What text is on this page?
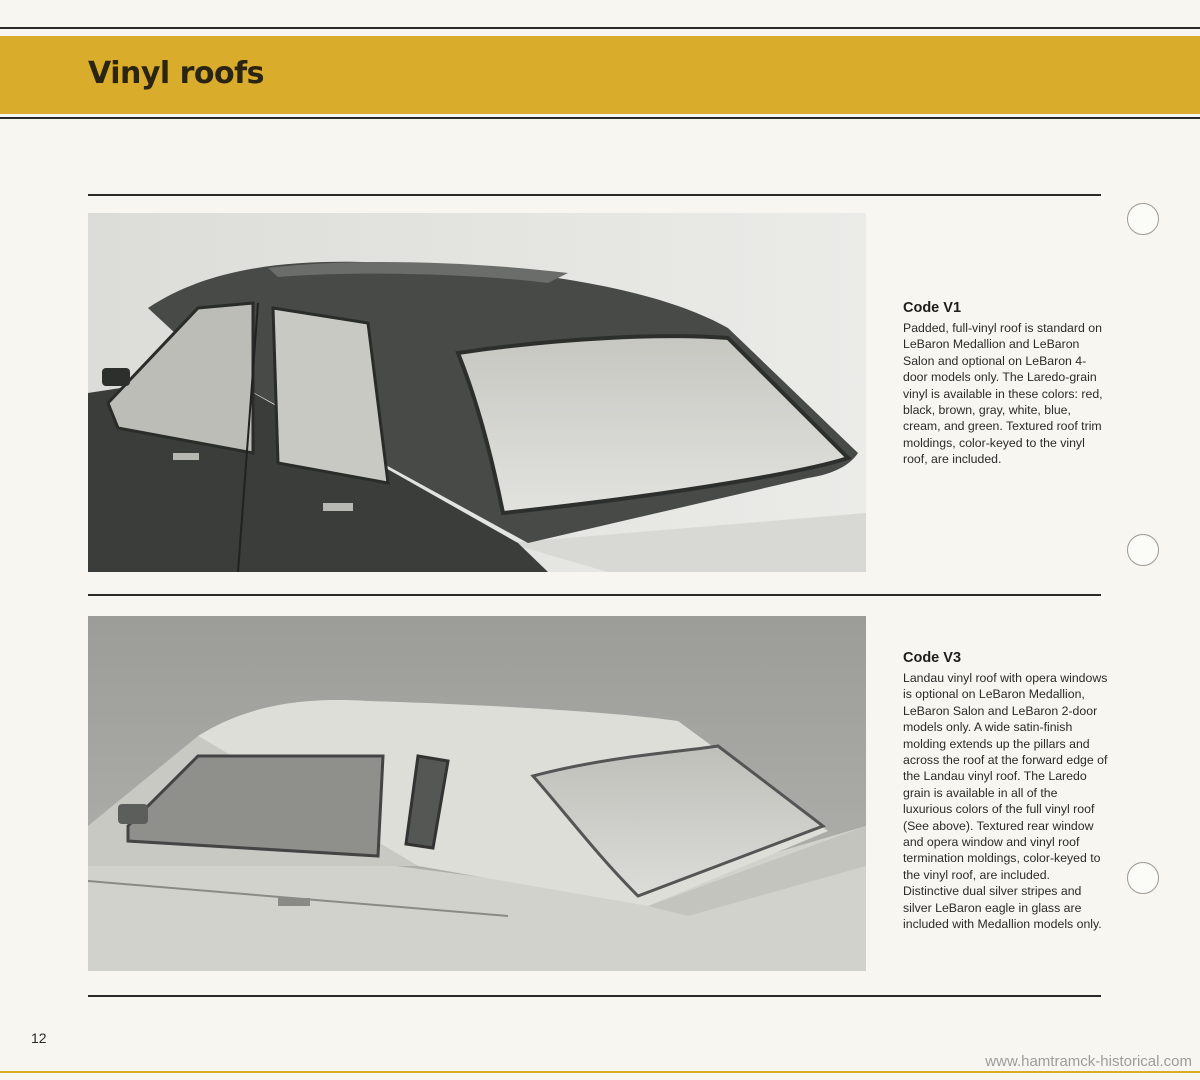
Vinyl roofs

Code V1

Padded, full-vinyl roof is standard on LeBaron Medallion and LeBaron Salon and optional on LeBaron 4-door models only. The Laredo-grain vinyl is available in these colors: red, black, brown, gray, white, blue, cream, and green. Textured roof trim moldings, color-keyed to the vinyl roof, are included.

Code V3

Landau vinyl roof with opera windows is optional on LeBaron Medallion, LeBaron Salon and LeBaron 2-door models only. A wide satin-finish molding extends up the pillars and across the roof at the forward edge of the Landau vinyl roof. The Laredo grain is available in all of the luxurious colors of the full vinyl roof (See above). Textured rear window and opera window and vinyl roof termination moldings, color-keyed to the vinyl roof, are included. Distinctive dual silver stripes and silver LeBaron eagle in glass are included with Medallion models only.

12
www.hamtramck-historical.com
